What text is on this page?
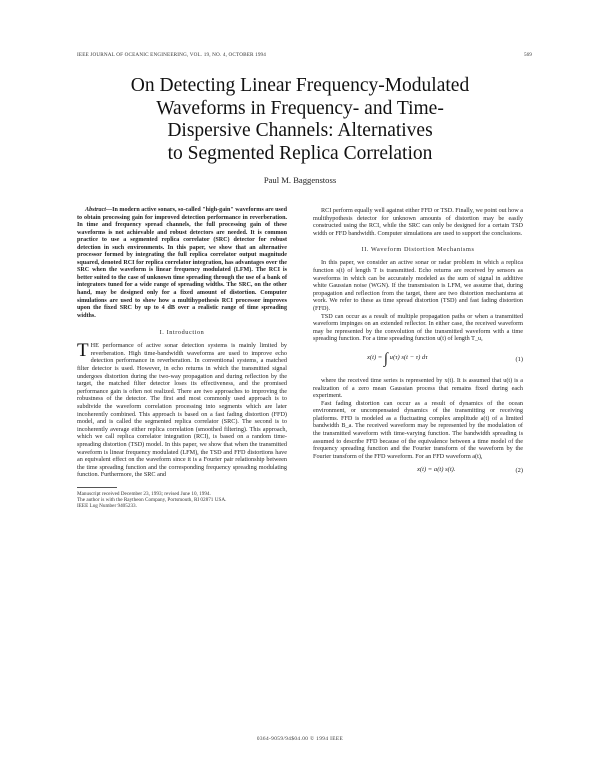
IEEE JOURNAL OF OCEANIC ENGINEERING, VOL. 19, NO. 4, OCTOBER 1994	569
On Detecting Linear Frequency-Modulated
Waveforms in Frequency- and Time-
Dispersive Channels: Alternatives
to Segmented Replica Correlation
Paul M. Baggenstoss

Abstract—In modern active sonars, so-called "high-gain" waveforms are used to obtain processing gain for improved detection performance in reverberation. In time and frequency spread channels, the full processing gain of these waveforms is not achievable and robust detectors are needed. It is common practice to use a segmented replica correlator (SRC) detector for robust detection in such environments. In this paper, we show that an alternative processor formed by integrating the full replica correlator output magnitude squared, denoted RCI for replica correlator integration, has advantages over the SRC when the waveform is linear frequency modulated (LFM). The RCI is better suited to the case of unknown time spreading through the use of a bank of integrators tuned for a wide range of spreading widths. The SRC, on the other hand, may be designed only for a fixed amount of distortion. Computer simulations are used to show how a multihypothesis RCI processor improves upon the fixed SRC by up to 4 dB over a realistic range of time spreading widths.

I. Introduction

THE performance of active sonar detection systems is mainly limited by reverberation. High time-bandwidth waveforms are used to improve echo detection performance in reverberation. In conventional systems, a matched filter detector is used. However, in echo returns in which the transmitted signal undergoes distortion during the two-way propagation and during reflection by the target, the matched filter detector loses its effectiveness, and the promised performance gain is often not realized. There are two approaches to improving the robustness of the detector. The first and most commonly used approach is to subdivide the waveform correlation processing into segments which are later incoherently combined. This approach is based on a fast fading distortion (FFD) model, and is called the segmented replica correlator (SRC). The second is to incoherently average either replica correlation (smoothed filtering). This approach, which we call replica correlator integration (RCI), is based on a random time-spreading distortion (TSD) model. In this paper, we show that when the transmitted waveform is linear frequency modulated (LFM), the TSD and FFD distortions have an equivalent effect on the waveform since it is a Fourier pair relationship between the time spreading function and the corresponding frequency spreading modulating function. Furthermore, the SRC and

Manuscript received December 23, 1993; revised June 10, 1994.

The author is with the Raytheon Company, Portsmouth, RI 02871 USA.

IEEE Log Number 9405233.

RCI perform equally well against either FFD or TSD. Finally, we point out how a multihypothesis detector for unknown amounts of distortion may be easily constructed using the RCI, while the SRC can only be designed for a certain TSD width or FFD bandwidth. Computer simulations are used to support the conclusions.

II. Waveform Distortion Mechanisms

In this paper, we consider an active sonar or radar problem in which a replica function s(t) of length T is transmitted. Echo returns are received by sensors as waveforms in which can be accurately modeled as the sum of signal in additive white Gaussian noise (WGN). If the transmission is LFM, we assume that, during propagation and reflection from the target, there are two distortion mechanisms at work. We refer to these as time spread distortion (TSD) and fast fading distortion (FFD).

TSD can occur as a result of multiple propagation paths or when a transmitted waveform impinges on an extended reflector. In either case, the received waveform may be represented by the convolution of the transmitted waveform with a time spreading function. For a time spreading function u(t) of length T_u,

x(t) = ∫ u(τ) s(t − τ) dτ	(1)

where the received time series is represented by x(t). It is assumed that u(t) is a realization of a zero mean Gaussian process that remains fixed during each experiment.

Fast fading distortion can occur as a result of dynamics of the ocean environment, or uncompensated dynamics of the transmitting or receiving platforms. FFD is modeled as a fluctuating complex amplitude a(t) of a limited bandwidth B_a. The received waveform may be represented by the modulation of the transmitted waveform with time-varying function. The bandwidth spreading is assumed to describe FFD because of the equivalence between a time model of the frequency spreading function and the Fourier transform of the waveform by the Fourier transform of the FFD waveform. For an FFD waveform a(t),

x(t) = a(t) s(t).	(2)
0364-9059/94$04.00 © 1994 IEEE
